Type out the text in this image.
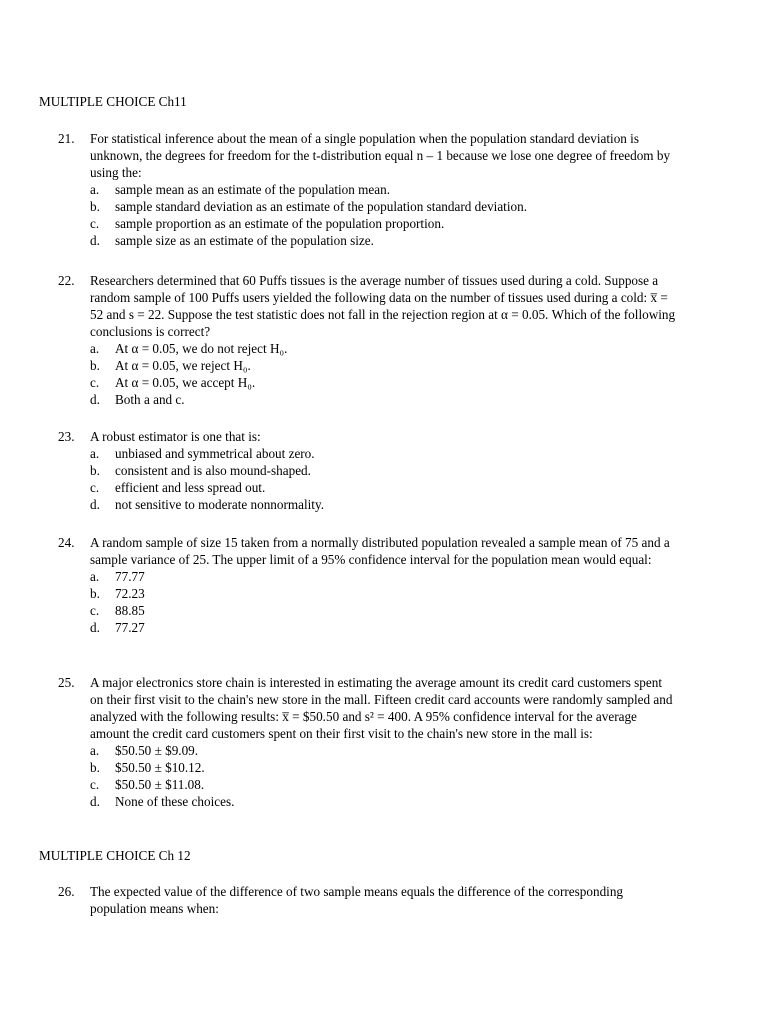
MULTIPLE CHOICE Ch11
21.	For statistical inference about the mean of a single population when the population standard deviation is unknown, the degrees for freedom for the t-distribution equal n – 1 because we lose one degree of freedom by using the:
a.	sample mean as an estimate of the population mean.
b.	sample standard deviation as an estimate of the population standard deviation.
c.	sample proportion as an estimate of the population proportion.
d.	sample size as an estimate of the population size.
22.	Researchers determined that 60 Puffs tissues is the average number of tissues used during a cold. Suppose a random sample of 100 Puffs users yielded the following data on the number of tissues used during a cold: x̅ = 52 and s = 22. Suppose the test statistic does not fall in the rejection region at α = 0.05. Which of the following conclusions is correct?
a.	At α = 0.05, we do not reject H₀.
b.	At α = 0.05, we reject H₀.
c.	At α = 0.05, we accept H₀.
d.	Both a and c.
23.	A robust estimator is one that is:
a.	unbiased and symmetrical about zero.
b.	consistent and is also mound-shaped.
c.	efficient and less spread out.
d.	not sensitive to moderate nonnormality.
24.	A random sample of size 15 taken from a normally distributed population revealed a sample mean of 75 and a sample variance of 25. The upper limit of a 95% confidence interval for the population mean would equal:
a.	77.77
b.	72.23
c.	88.85
d.	77.27
25.	A major electronics store chain is interested in estimating the average amount its credit card customers spent on their first visit to the chain's new store in the mall. Fifteen credit card accounts were randomly sampled and analyzed with the following results: x̅ = $50.50 and s² = 400. A 95% confidence interval for the average amount the credit card customers spent on their first visit to the chain's new store in the mall is:
a.	$50.50 ± $9.09.
b.	$50.50 ± $10.12.
c.	$50.50 ± $11.08.
d.	None of these choices.
MULTIPLE CHOICE Ch 12
26.	The expected value of the difference of two sample means equals the difference of the corresponding population means when:
